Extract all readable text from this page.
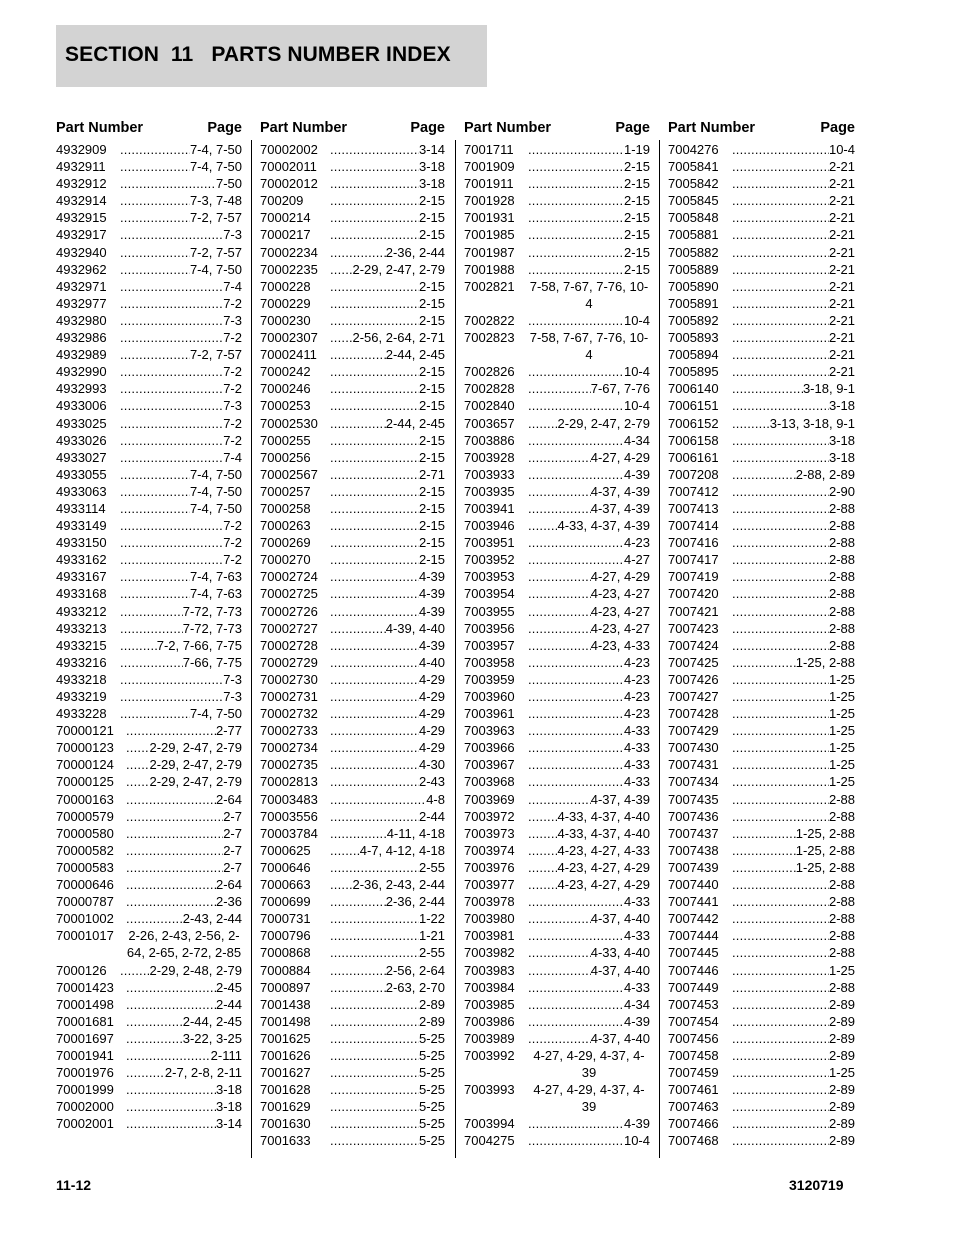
SECTION  11 PARTS NUMBER INDEX
Part Number	Page
4932909 .....	7-4, 7-50
4932911 .....	7-4, 7-50
4932912 .....	7-50
4932914 .....	7-3, 7-48
4932915 .....	7-2, 7-57
4932917 .....	7-3
4932940 .....	7-2, 7-57
4932962 .....	7-4, 7-50
4932971 .....	7-4
4932977 .....	7-2
4932980 .....	7-3
4932986 .....	7-2
4932989 .....	7-2, 7-57
4932990 .....	7-2
4932993 .....	7-2
4933006 .....	7-3
4933025 .....	7-2
4933026 .....	7-2
4933027 .....	7-4
4933055 .....	7-4, 7-50
4933063 .....	7-4, 7-50
4933114 .....	7-4, 7-50
4933149 .....	7-2
4933150 .....	7-2
4933162 .....	7-2
4933167 .....	7-4, 7-63
4933168 .....	7-4, 7-63
4933212 .....	7-72, 7-73
4933213 .....	7-72, 7-73
4933215 .....	7-2, 7-66, 7-75
4933216 .....	7-66, 7-75
4933218 .....	7-3
4933219 .....	7-3
4933228 .....	7-4, 7-50
70000121 .....	2-77
70000123 .....	2-29, 2-47, 2-79
70000124 .....	2-29, 2-47, 2-79
70000125 .....	2-29, 2-47, 2-79
70000163 .....	2-64
70000579 .....	2-7
70000580 .....	2-7
70000582 .....	2-7
70000583 .....	2-7
70000646 .....	2-64
70000787 .....	2-36
70001002 .....	2-43, 2-44
70001017	2-26, 2-43, 2-56, 2-64, 2-65, 2-72, 2-85
7000126 .....	2-29, 2-48, 2-79
70001423 .....	2-45
70001498 .....	2-44
70001681 .....	2-44, 2-45
70001697 .....	3-22, 3-25
70001941 .....	2-111
70001976 .....	2-7, 2-8, 2-11
70001999 .....	3-18
70002000 .....	3-18
70002001 .....	3-14
Part Number	Page
70002002 .....	3-14
70002011 .....	3-18
70002012 .....	3-18
700209 .....	2-15
7000214 .....	2-15
7000217 .....	2-15
70002234 .....	2-36, 2-44
70002235 .....	2-29, 2-47, 2-79
7000228 .....	2-15
7000229 .....	2-15
7000230 .....	2-15
70002307 .....	2-56, 2-64, 2-71
70002411 .....	2-44, 2-45
7000242 .....	2-15
7000246 .....	2-15
7000253 .....	2-15
70002530 .....	2-44, 2-45
7000255 .....	2-15
7000256 .....	2-15
70002567 .....	2-71
7000257 .....	2-15
7000258 .....	2-15
7000263 .....	2-15
7000269 .....	2-15
7000270 .....	2-15
70002724 .....	4-39
70002725 .....	4-39
70002726 .....	4-39
70002727 .....	4-39, 4-40
70002728 .....	4-39
70002729 .....	4-40
70002730 .....	4-29
70002731 .....	4-29
70002732 .....	4-29
70002733 .....	4-29
70002734 .....	4-29
70002735 .....	4-30
70002813 .....	2-43
70003483 .....	4-8
70003556 .....	2-44
70003784 .....	4-11, 4-18
7000625 .....	4-7, 4-12, 4-18
7000646 .....	2-55
7000663 .....	2-36, 2-43, 2-44
7000699 .....	2-36, 2-44
7000731 .....	1-22
7000796 .....	1-21
7000868 .....	2-55
7000884 .....	2-56, 2-64
7000897 .....	2-63, 2-70
7001438 .....	2-89
7001498 .....	2-89
7001625 .....	5-25
7001626 .....	5-25
7001627 .....	5-25
7001628 .....	5-25
7001629 .....	5-25
7001630 .....	5-25
7001633 .....	5-25
Part Number	Page
7001711 .....	1-19
7001909 .....	2-15
7001911 .....	2-15
7001928 .....	2-15
7001931 .....	2-15
7001985 .....	2-15
7001987 .....	2-15
7001988 .....	2-15
7002821	7-58, 7-67, 7-76, 10-4
7002822 .....	10-4
7002823	7-58, 7-67, 7-76, 10-4
7002826 .....	10-4
7002828 .....	7-67, 7-76
7002840 .....	10-4
7003657 .....	2-29, 2-47, 2-79
7003886 .....	4-34
7003928 .....	4-27, 4-29
7003933 .....	4-39
7003935 .....	4-37, 4-39
7003941 .....	4-37, 4-39
7003946 .....	4-33, 4-37, 4-39
7003951 .....	4-23
7003952 .....	4-27
7003953 .....	4-27, 4-29
7003954 .....	4-23, 4-27
7003955 .....	4-23, 4-27
7003956 .....	4-23, 4-27
7003957 .....	4-23, 4-33
7003958 .....	4-23
7003959 .....	4-23
7003960 .....	4-23
7003961 .....	4-23
7003963 .....	4-33
7003966 .....	4-33
7003967 .....	4-33
7003968 .....	4-33
7003969 .....	4-37, 4-39
7003972 .....	4-33, 4-37, 4-40
7003973 .....	4-33, 4-37, 4-40
7003974 .....	4-23, 4-27, 4-33
7003976 .....	4-23, 4-27, 4-29
7003977 .....	4-23, 4-27, 4-29
7003978 .....	4-33
7003980 .....	4-37, 4-40
7003981 .....	4-33
7003982 .....	4-33, 4-40
7003983 .....	4-37, 4-40
7003984 .....	4-33
7003985 .....	4-34
7003986 .....	4-39
7003989 .....	4-37, 4-40
7003992	4-27, 4-29, 4-37, 4-39
7003993	4-27, 4-29, 4-37, 4-39
7003994 .....	4-39
7004275 .....	10-4
Part Number	Page
7004276 .....	10-4
7005841 .....	2-21
7005842 .....	2-21
7005845 .....	2-21
7005848 .....	2-21
7005881 .....	2-21
7005882 .....	2-21
7005889 .....	2-21
7005890 .....	2-21
7005891 .....	2-21
7005892 .....	2-21
7005893 .....	2-21
7005894 .....	2-21
7005895 .....	2-21
7006140 .....	3-18, 9-1
7006151 .....	3-18
7006152 .....	3-13, 3-18, 9-1
7006158 .....	3-18
7006161 .....	3-18
7007208 .....	2-88, 2-89
7007412 .....	2-90
7007413 .....	2-88
7007414 .....	2-88
7007416 .....	2-88
7007417 .....	2-88
7007419 .....	2-88
7007420 .....	2-88
7007421 .....	2-88
7007423 .....	2-88
7007424 .....	2-88
7007425 .....	1-25, 2-88
7007426 .....	1-25
7007427 .....	1-25
7007428 .....	1-25
7007429 .....	1-25
7007430 .....	1-25
7007431 .....	1-25
7007434 .....	1-25
7007435 .....	2-88
7007436 .....	2-88
7007437 .....	1-25, 2-88
7007438 .....	1-25, 2-88
7007439 .....	1-25, 2-88
7007440 .....	2-88
7007441 .....	2-88
7007442 .....	2-88
7007444 .....	2-88
7007445 .....	2-88
7007446 .....	1-25
7007449 .....	2-88
7007453 .....	2-89
7007454 .....	2-89
7007456 .....	2-89
7007458 .....	2-89
7007459 .....	1-25
7007461 .....	2-89
7007463 .....	2-89
7007466 .....	2-89
7007468 .....	2-89
11-12	3120719
